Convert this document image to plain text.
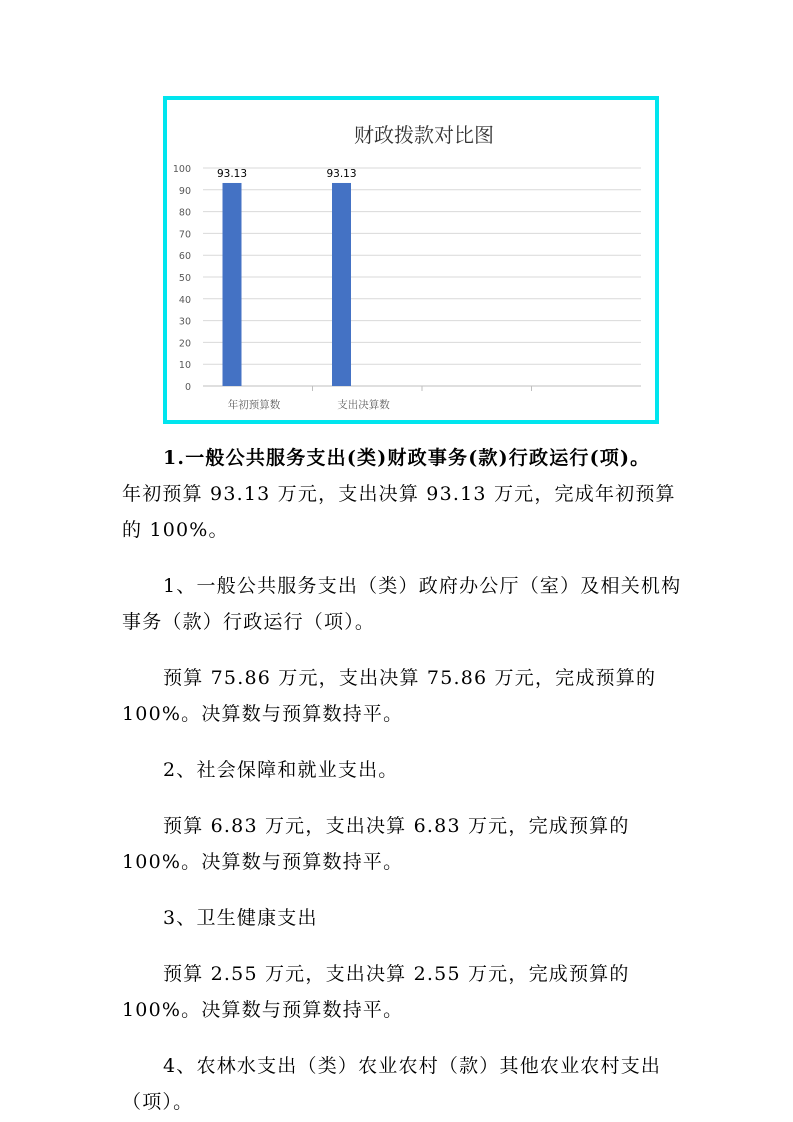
财政拨款对比图
0
10
20
30
40
50
60
70
80
90
100 93.13
年初预算数
93.13
支出决算数

1.一般公共服务支出(类)财政事务(款)行政运行(项)。

年初预算 93.13 万元，支出决算 93.13 万元，完成年初预算的 100%。

1、一般公共服务支出（类）政府办公厅（室）及相关机构事务（款）行政运行（项）。

预算 75.86 万元，支出决算 75.86 万元，完成预算的 100%。决算数与预算数持平。

2、社会保障和就业支出。

预算 6.83 万元，支出决算 6.83 万元，完成预算的 100%。决算数与预算数持平。

3、卫生健康支出

预算 2.55 万元，支出决算 2.55 万元，完成预算的 100%。决算数与预算数持平。

4、农林水支出（类）农业农村（款）其他农业农村支出（项）。
